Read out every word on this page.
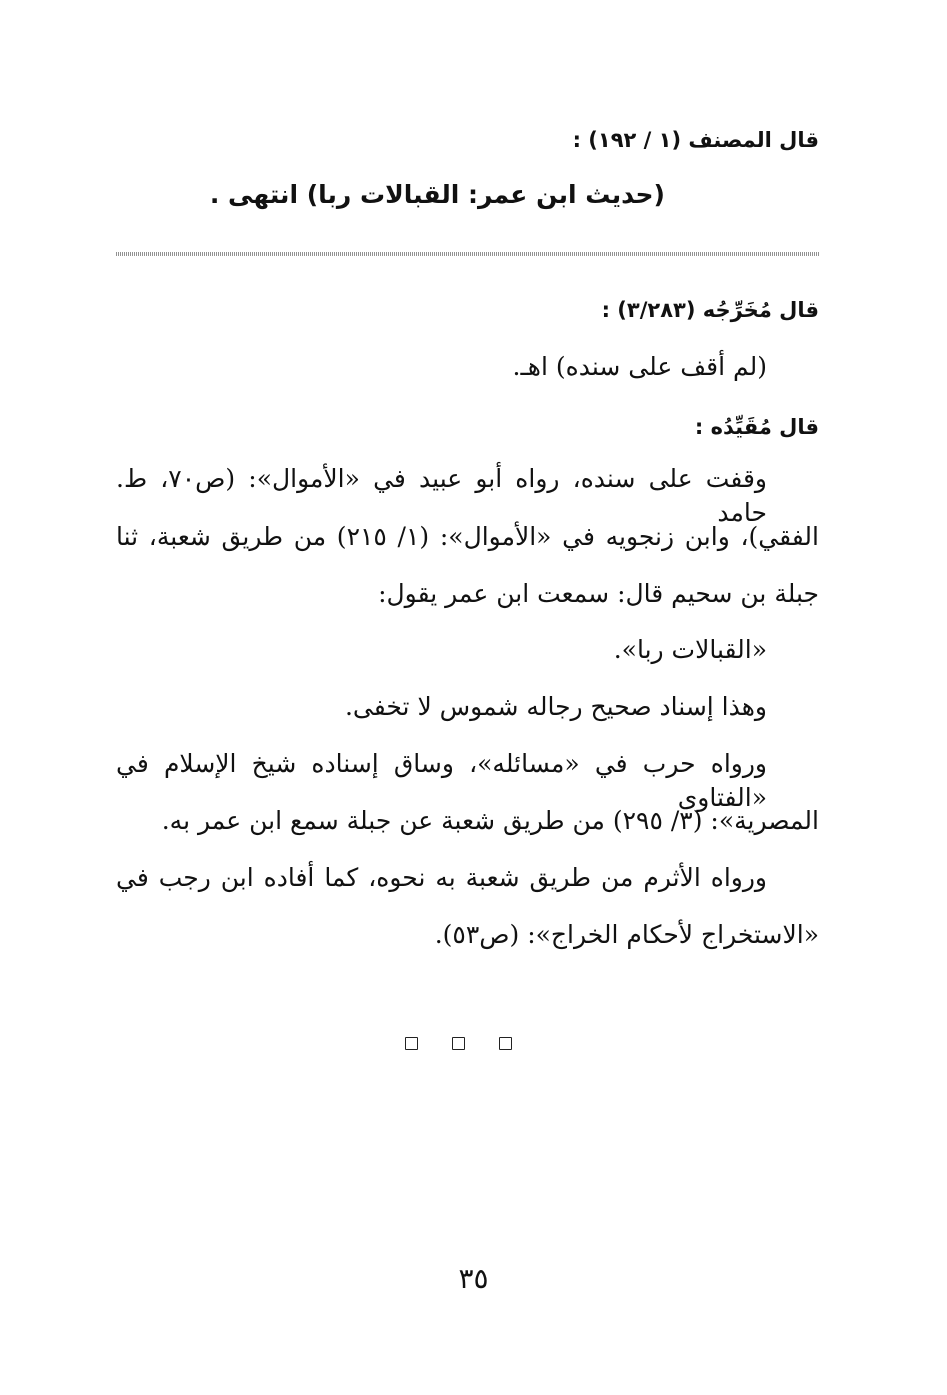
قال المصنف (١ / ١٩٢) :
(حديث ابن عمر: القبالات ربا) انتهى .
قال مُخَرِّجُه (٣/٢٨٣) :
(لم أقف على سنده) اهـ.
قال مُقَيِّدُه :
وقفت على سنده، رواه أبو عبيد في «الأموال»: (ص٧٠، ط. حامد
الفقي)، وابن زنجويه في «الأموال»: (١/ ٢١٥) من طريق شعبة، ثنا
جبلة بن سحيم قال: سمعت ابن عمر يقول:
«القبالات ربا».
وهذا إسناد صحيح رجاله شموس لا تخفى.
ورواه حرب في «مسائله»، وساق إسناده شيخ الإسلام في «الفتاوى
المصرية»: (٣/ ٢٩٥) من طريق شعبة عن جبلة سمع ابن عمر به.
ورواه الأثرم من طريق شعبة به نحوه، كما أفاده ابن رجب في
«الاستخراج لأحكام الخراج»: (ص٥٣).
٣٥
